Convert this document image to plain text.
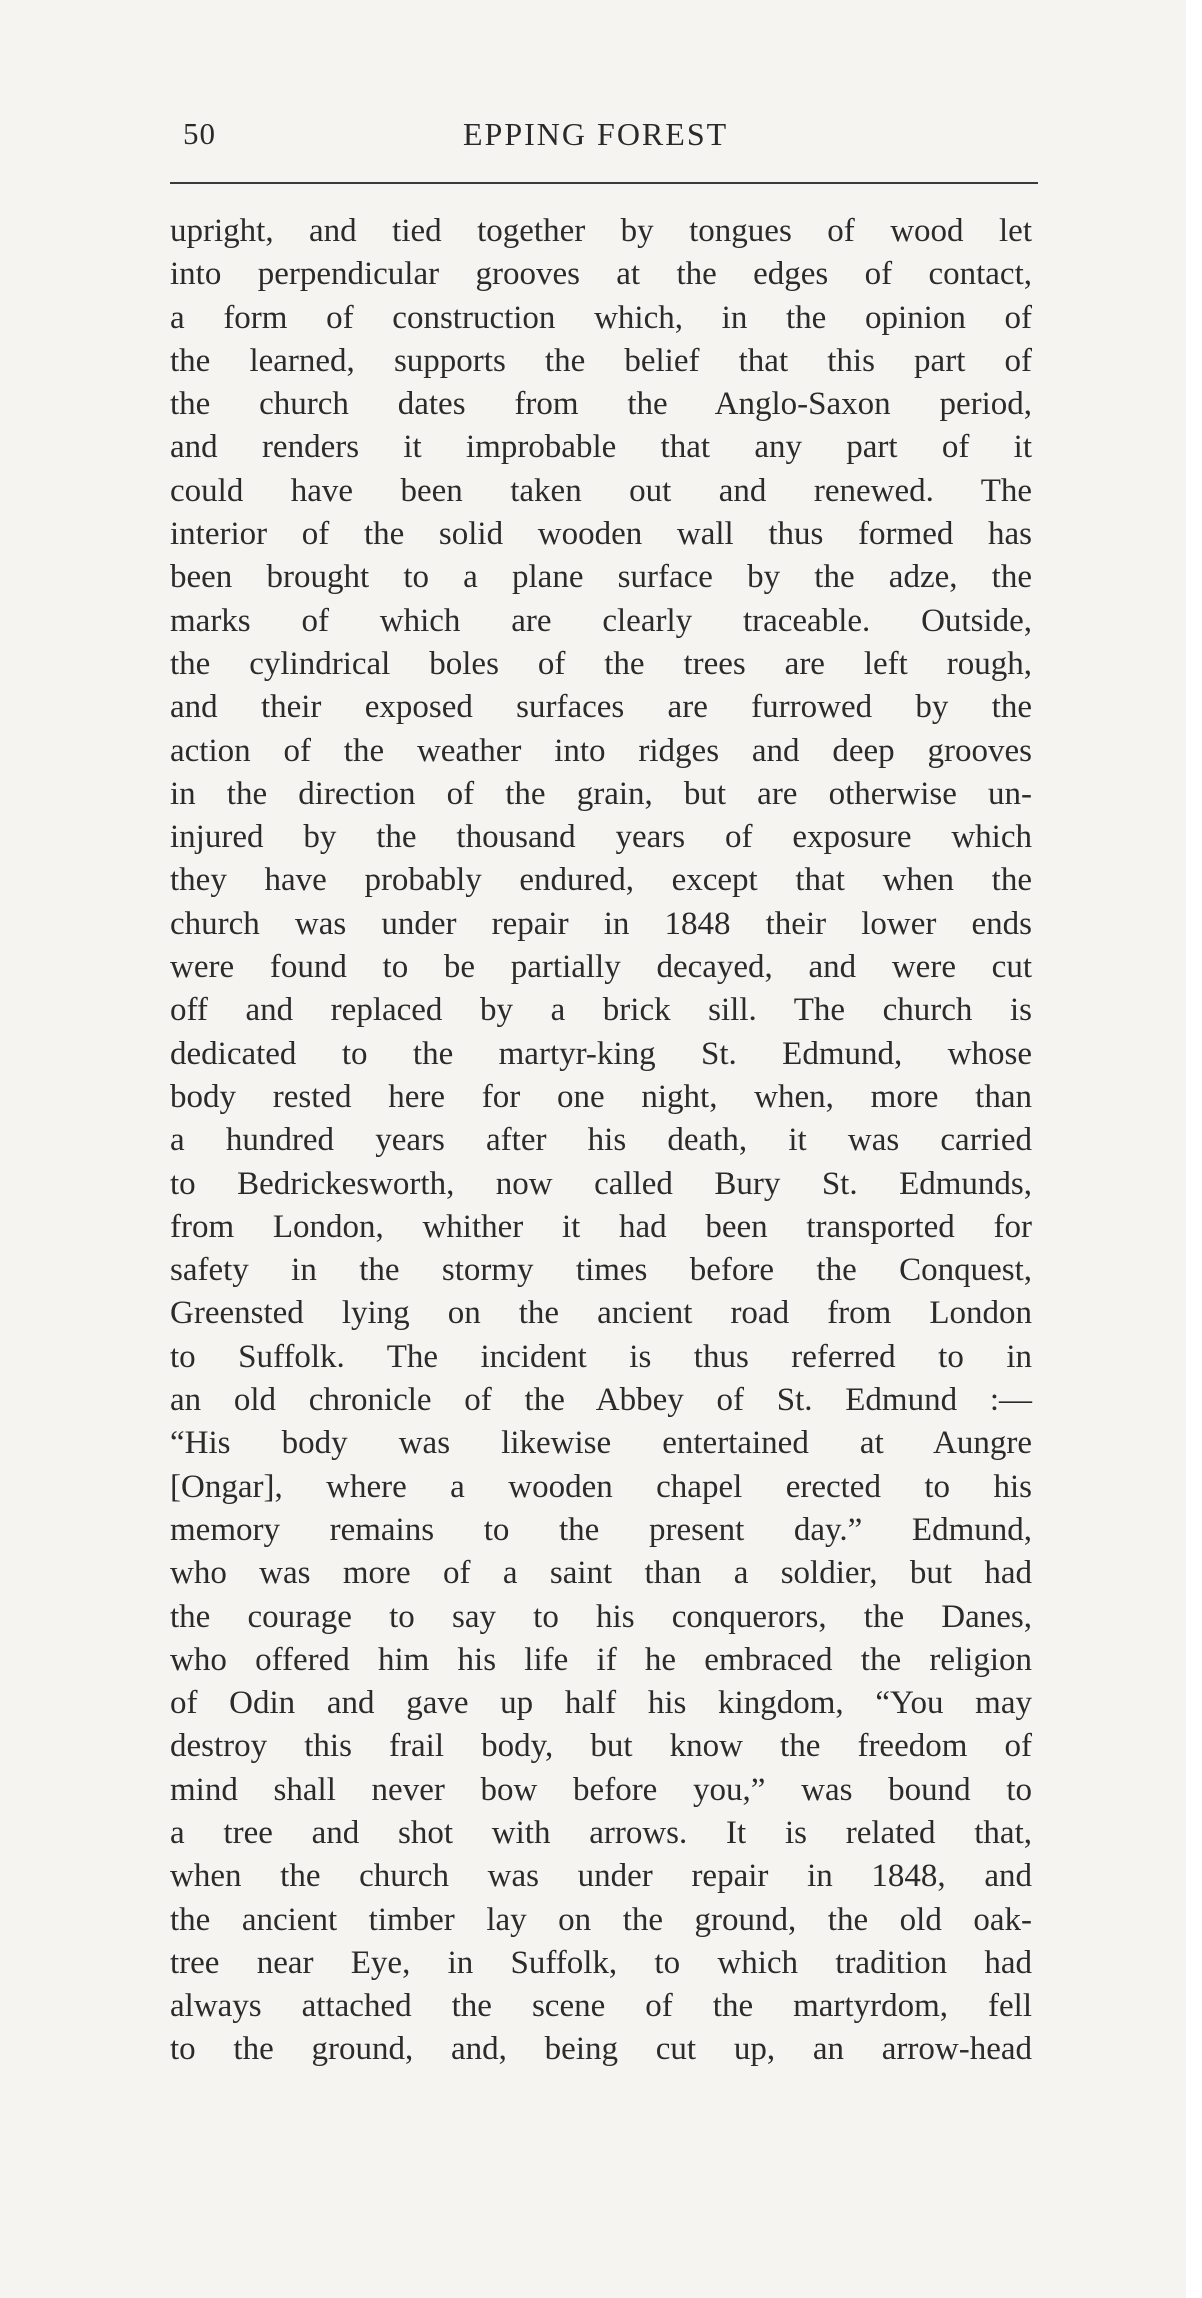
50	EPPING FOREST
upright, and tied together by tongues of wood let
into perpendicular grooves at the edges of contact,
a form of construction which, in the opinion of
the learned, supports the belief that this part of
the church dates from the Anglo-Saxon period,
and renders it improbable that any part of it
could have been taken out and renewed. The
interior of the solid wooden wall thus formed has
been brought to a plane surface by the adze, the
marks of which are clearly traceable. Outside,
the cylindrical boles of the trees are left rough,
and their exposed surfaces are furrowed by the
action of the weather into ridges and deep grooves
in the direction of the grain, but are otherwise un-
injured by the thousand years of exposure which
they have probably endured, except that when the
church was under repair in 1848 their lower ends
were found to be partially decayed, and were cut
off and replaced by a brick sill. The church is
dedicated to the martyr-king St. Edmund, whose
body rested here for one night, when, more than
a hundred years after his death, it was carried
to Bedrickesworth, now called Bury St. Edmunds,
from London, whither it had been transported for
safety in the stormy times before the Conquest,
Greensted lying on the ancient road from London
to Suffolk. The incident is thus referred to in
an old chronicle of the Abbey of St. Edmund :—
“His body was likewise entertained at Aungre
[Ongar], where a wooden chapel erected to his
memory remains to the present day.” Edmund,
who was more of a saint than a soldier, but had
the courage to say to his conquerors, the Danes,
who offered him his life if he embraced the religion
of Odin and gave up half his kingdom, “You may
destroy this frail body, but know the freedom of
mind shall never bow before you,” was bound to
a tree and shot with arrows. It is related that,
when the church was under repair in 1848, and
the ancient timber lay on the ground, the old oak-
tree near Eye, in Suffolk, to which tradition had
always attached the scene of the martyrdom, fell
to the ground, and, being cut up, an arrow-head
